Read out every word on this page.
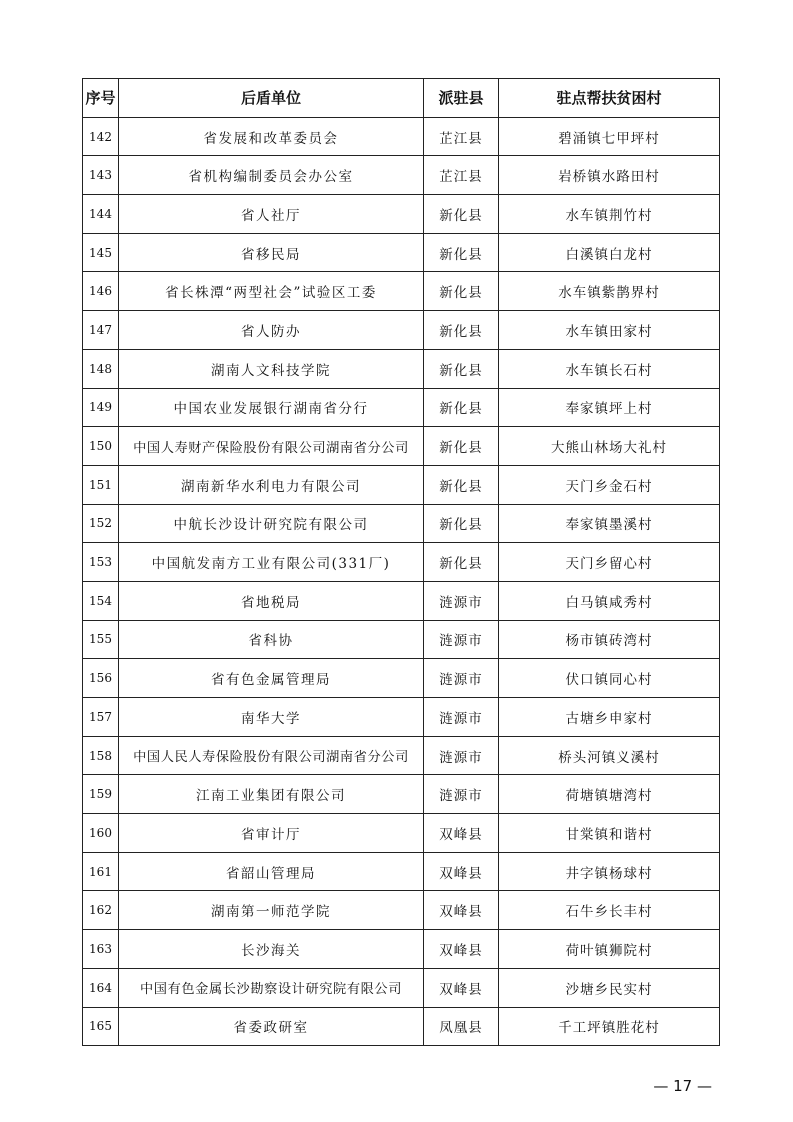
序号	后盾单位	派驻县	驻点帮扶贫困村
142	省发展和改革委员会	芷江县	碧涌镇七甲坪村
143	省机构编制委员会办公室	芷江县	岩桥镇水路田村
144	省人社厅	新化县	水车镇荆竹村
145	省移民局	新化县	白溪镇白龙村
146	省长株潭“两型社会”试验区工委	新化县	水车镇紫鹊界村
147	省人防办	新化县	水车镇田家村
148	湖南人文科技学院	新化县	水车镇长石村
149	中国农业发展银行湖南省分行	新化县	奉家镇坪上村
150	中国人寿财产保险股份有限公司湖南省分公司	新化县	大熊山林场大礼村
151	湖南新华水利电力有限公司	新化县	天门乡金石村
152	中航长沙设计研究院有限公司	新化县	奉家镇墨溪村
153	中国航发南方工业有限公司(331厂)	新化县	天门乡留心村
154	省地税局	涟源市	白马镇咸秀村
155	省科协	涟源市	杨市镇砖湾村
156	省有色金属管理局	涟源市	伏口镇同心村
157	南华大学	涟源市	古塘乡申家村
158	中国人民人寿保险股份有限公司湖南省分公司	涟源市	桥头河镇义溪村
159	江南工业集团有限公司	涟源市	荷塘镇塘湾村
160	省审计厅	双峰县	甘棠镇和谐村
161	省韶山管理局	双峰县	井字镇杨球村
162	湖南第一师范学院	双峰县	石牛乡长丰村
163	长沙海关	双峰县	荷叶镇狮院村
164	中国有色金属长沙勘察设计研究院有限公司	双峰县	沙塘乡民实村
165	省委政研室	凤凰县	千工坪镇胜花村
— 17 —
